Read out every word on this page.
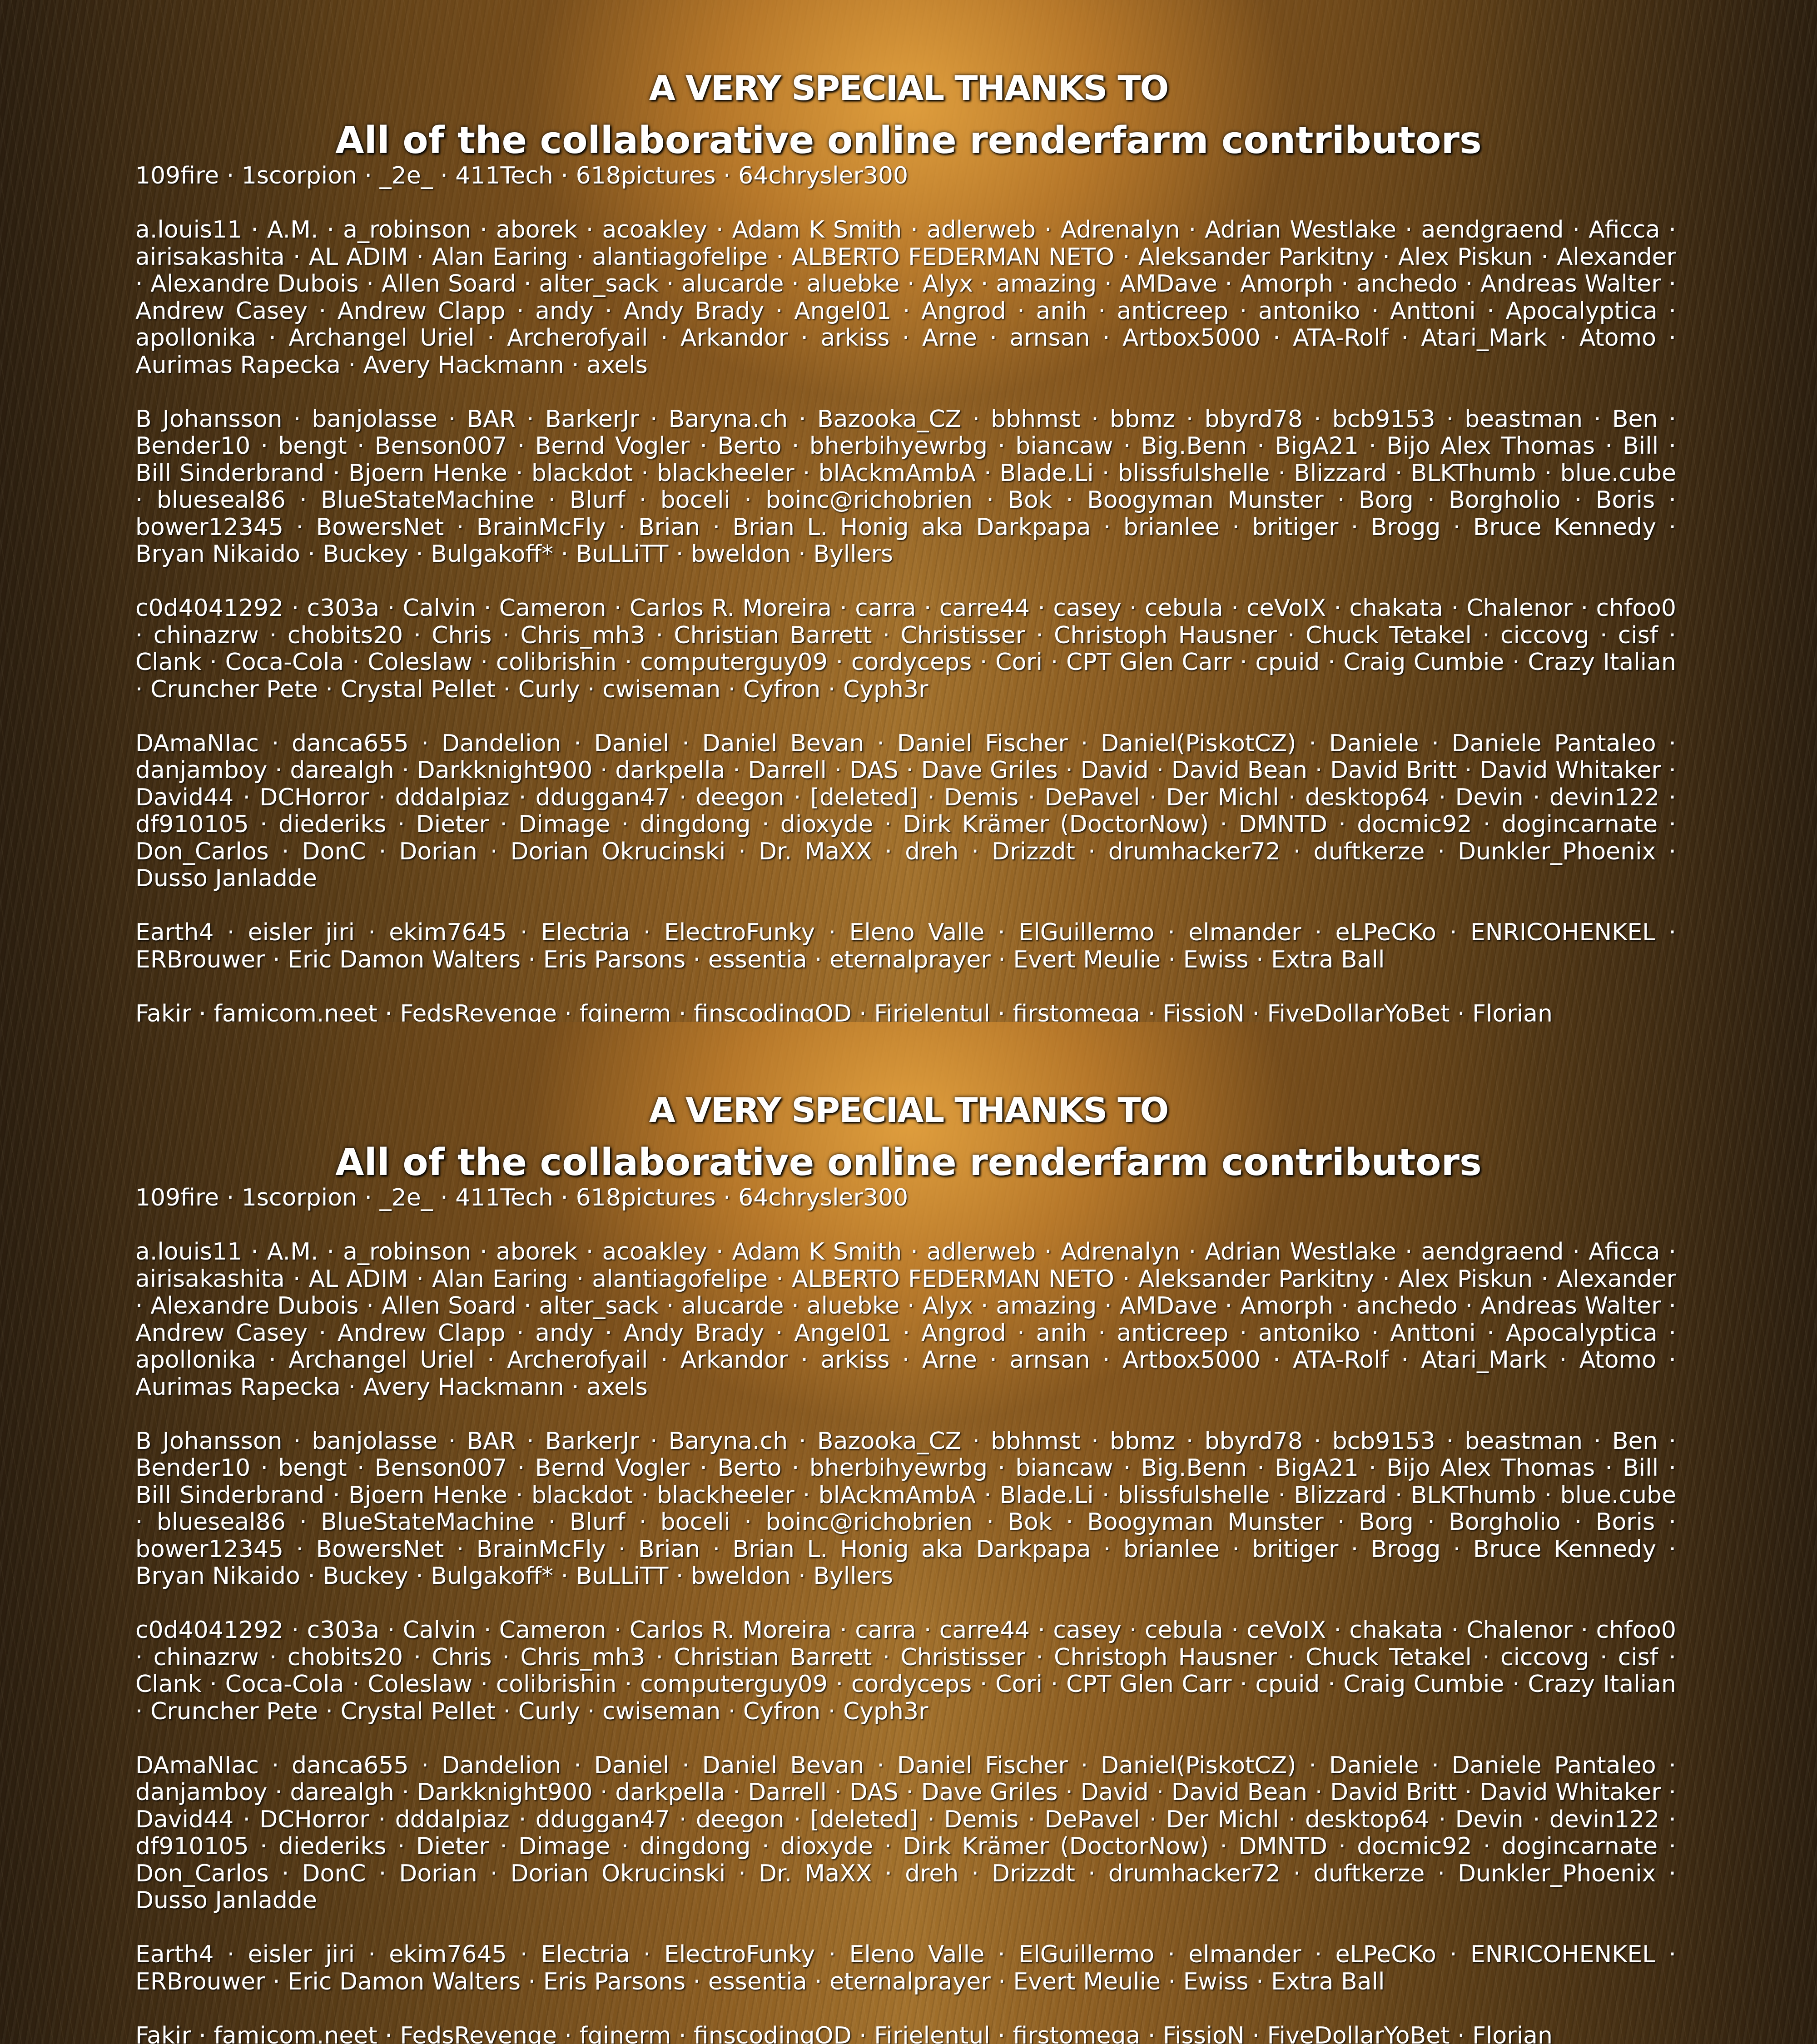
A VERY SPECIAL THANKS TO
All of the collaborative online renderfarm contributors
109fire · 1scorpion · _2e_ · 411Tech · 618pictures · 64chrysler300
a.louis11 · A.M. · a_robinson · aborek · acoakley · Adam K Smith · adlerweb · Adrenalyn · Adrian Westlake · aendgraend · Aficca · airisakashita · AL ADIM · Alan Earing · alantiagofelipe · ALBERTO FEDERMAN NETO · Aleksander Parkitny · Alex Piskun · Alexander · Alexandre Dubois · Allen Soard · alter_sack · alucarde · aluebke · Alyx · amazing · AMDave · Amorph · anchedo · Andreas Walter · Andrew Casey · Andrew Clapp · andy · Andy Brady · Angel01 · Angrod · anih · anticreep · antoniko · Anttoni · Apocalyptica · apollonika · Archangel Uriel · Archerofyail · Arkandor · arkiss · Arne · arnsan · Artbox5000 · ATA-Rolf · Atari_Mark · Atomo · Aurimas Rapecka · Avery Hackmann · axels
B Johansson · banjolasse · BAR · BarkerJr · Baryna.ch · Bazooka_CZ · bbhmst · bbmz · bbyrd78 · bcb9153 · beastman · Ben · Bender10 · bengt · Benson007 · Bernd Vogler · Berto · bherbihyewrbg · biancaw · Big.Benn · BigA21 · Bijo Alex Thomas · Bill · Bill Sinderbrand · Bjoern Henke · blackdot · blackheeler · blAckmAmbA · Blade.Li · blissfulshelle · Blizzard · BLKThumb · blue.cube · blueseal86 · BlueStateMachine · Blurf · boceli · boinc@richobrien · Bok · Boogyman Munster · Borg · Borgholio · Boris · bower12345 · BowersNet · BrainMcFly · Brian · Brian L. Honig aka Darkpapa · brianlee · britiger · Brogg · Bruce Kennedy · Bryan Nikaido · Buckey · Bulgakoff* · BuLLiTT · bweldon · Byllers
c0d4041292 · c303a · Calvin · Cameron · Carlos R. Moreira · carra · carre44 · casey · cebula · ceVoIX · chakata · Chalenor · chfoo0 · chinazrw · chobits20 · Chris · Chris_mh3 · Christian Barrett · Christisser · Christoph Hausner · Chuck Tetakel · ciccovg · cisf · Clank · Coca-Cola · Coleslaw · colibrishin · computerguy09 · cordyceps · Cori · CPT Glen Carr · cpuid · Craig Cumbie · Crazy Italian · Cruncher Pete · Crystal Pellet · Curly · cwiseman · Cyfron · Cyph3r
DAmaNIac · danca655 · Dandelion · Daniel · Daniel Bevan · Daniel Fischer · Daniel(PiskotCZ) · Daniele · Daniele Pantaleo · danjamboy · darealgh · Darkknight900 · darkpella · Darrell · DAS · Dave Griles · David · David Bean · David Britt · David Whitaker · David44 · DCHorror · dddalpiaz · dduggan47 · deegon · [deleted] · Demis · DePavel · Der Michl · desktop64 · Devin · devin122 · df910105 · diederiks · Dieter · Dimage · dingdong · dioxyde · Dirk Krämer (DoctorNow) · DMNTD · docmic92 · dogincarnate · Don_Carlos · DonC · Dorian · Dorian Okrucinski · Dr. MaXX · dreh · Drizzdt · drumhacker72 · duftkerze · Dunkler_Phoenix · Dusso Janladde
Earth4 · eisler jiri · ekim7645 · Electria · ElectroFunky · Eleno Valle · ElGuillermo · elmander · eLPeCKo · ENRICOHENKEL · ERBrouwer · Eric Damon Walters · Eris Parsons · essentia · eternalprayer · Evert Meulie · Ewiss · Extra Ball
Fakir · famicom.neet · FedsRevenge · fginerm · finscodingOD · Firjelentul · firstomega · FissioN · FiveDollarYoBet · Florian
A VERY SPECIAL THANKS TO
All of the collaborative online renderfarm contributors
109fire · 1scorpion · _2e_ · 411Tech · 618pictures · 64chrysler300
a.louis11 · A.M. · a_robinson · aborek · acoakley · Adam K Smith · adlerweb · Adrenalyn · Adrian Westlake · aendgraend · Aficca · airisakashita · AL ADIM · Alan Earing · alantiagofelipe · ALBERTO FEDERMAN NETO · Aleksander Parkitny · Alex Piskun · Alexander · Alexandre Dubois · Allen Soard · alter_sack · alucarde · aluebke · Alyx · amazing · AMDave · Amorph · anchedo · Andreas Walter · Andrew Casey · Andrew Clapp · andy · Andy Brady · Angel01 · Angrod · anih · anticreep · antoniko · Anttoni · Apocalyptica · apollonika · Archangel Uriel · Archerofyail · Arkandor · arkiss · Arne · arnsan · Artbox5000 · ATA-Rolf · Atari_Mark · Atomo · Aurimas Rapecka · Avery Hackmann · axels
B Johansson · banjolasse · BAR · BarkerJr · Baryna.ch · Bazooka_CZ · bbhmst · bbmz · bbyrd78 · bcb9153 · beastman · Ben · Bender10 · bengt · Benson007 · Bernd Vogler · Berto · bherbihyewrbg · biancaw · Big.Benn · BigA21 · Bijo Alex Thomas · Bill · Bill Sinderbrand · Bjoern Henke · blackdot · blackheeler · blAckmAmbA · Blade.Li · blissfulshelle · Blizzard · BLKThumb · blue.cube · blueseal86 · BlueStateMachine · Blurf · boceli · boinc@richobrien · Bok · Boogyman Munster · Borg · Borgholio · Boris · bower12345 · BowersNet · BrainMcFly · Brian · Brian L. Honig aka Darkpapa · brianlee · britiger · Brogg · Bruce Kennedy · Bryan Nikaido · Buckey · Bulgakoff* · BuLLiTT · bweldon · Byllers
c0d4041292 · c303a · Calvin · Cameron · Carlos R. Moreira · carra · carre44 · casey · cebula · ceVoIX · chakata · Chalenor · chfoo0 · chinazrw · chobits20 · Chris · Chris_mh3 · Christian Barrett · Christisser · Christoph Hausner · Chuck Tetakel · ciccovg · cisf · Clank · Coca-Cola · Coleslaw · colibrishin · computerguy09 · cordyceps · Cori · CPT Glen Carr · cpuid · Craig Cumbie · Crazy Italian · Cruncher Pete · Crystal Pellet · Curly · cwiseman · Cyfron · Cyph3r
DAmaNIac · danca655 · Dandelion · Daniel · Daniel Bevan · Daniel Fischer · Daniel(PiskotCZ) · Daniele · Daniele Pantaleo · danjamboy · darealgh · Darkknight900 · darkpella · Darrell · DAS · Dave Griles · David · David Bean · David Britt · David Whitaker · David44 · DCHorror · dddalpiaz · dduggan47 · deegon · [deleted] · Demis · DePavel · Der Michl · desktop64 · Devin · devin122 · df910105 · diederiks · Dieter · Dimage · dingdong · dioxyde · Dirk Krämer (DoctorNow) · DMNTD · docmic92 · dogincarnate · Don_Carlos · DonC · Dorian · Dorian Okrucinski · Dr. MaXX · dreh · Drizzdt · drumhacker72 · duftkerze · Dunkler_Phoenix · Dusso Janladde
Earth4 · eisler jiri · ekim7645 · Electria · ElectroFunky · Eleno Valle · ElGuillermo · elmander · eLPeCKo · ENRICOHENKEL · ERBrouwer · Eric Damon Walters · Eris Parsons · essentia · eternalprayer · Evert Meulie · Ewiss · Extra Ball
Fakir · famicom.neet · FedsRevenge · fginerm · finscodingOD · Firjelentul · firstomega · FissioN · FiveDollarYoBet · Florian
